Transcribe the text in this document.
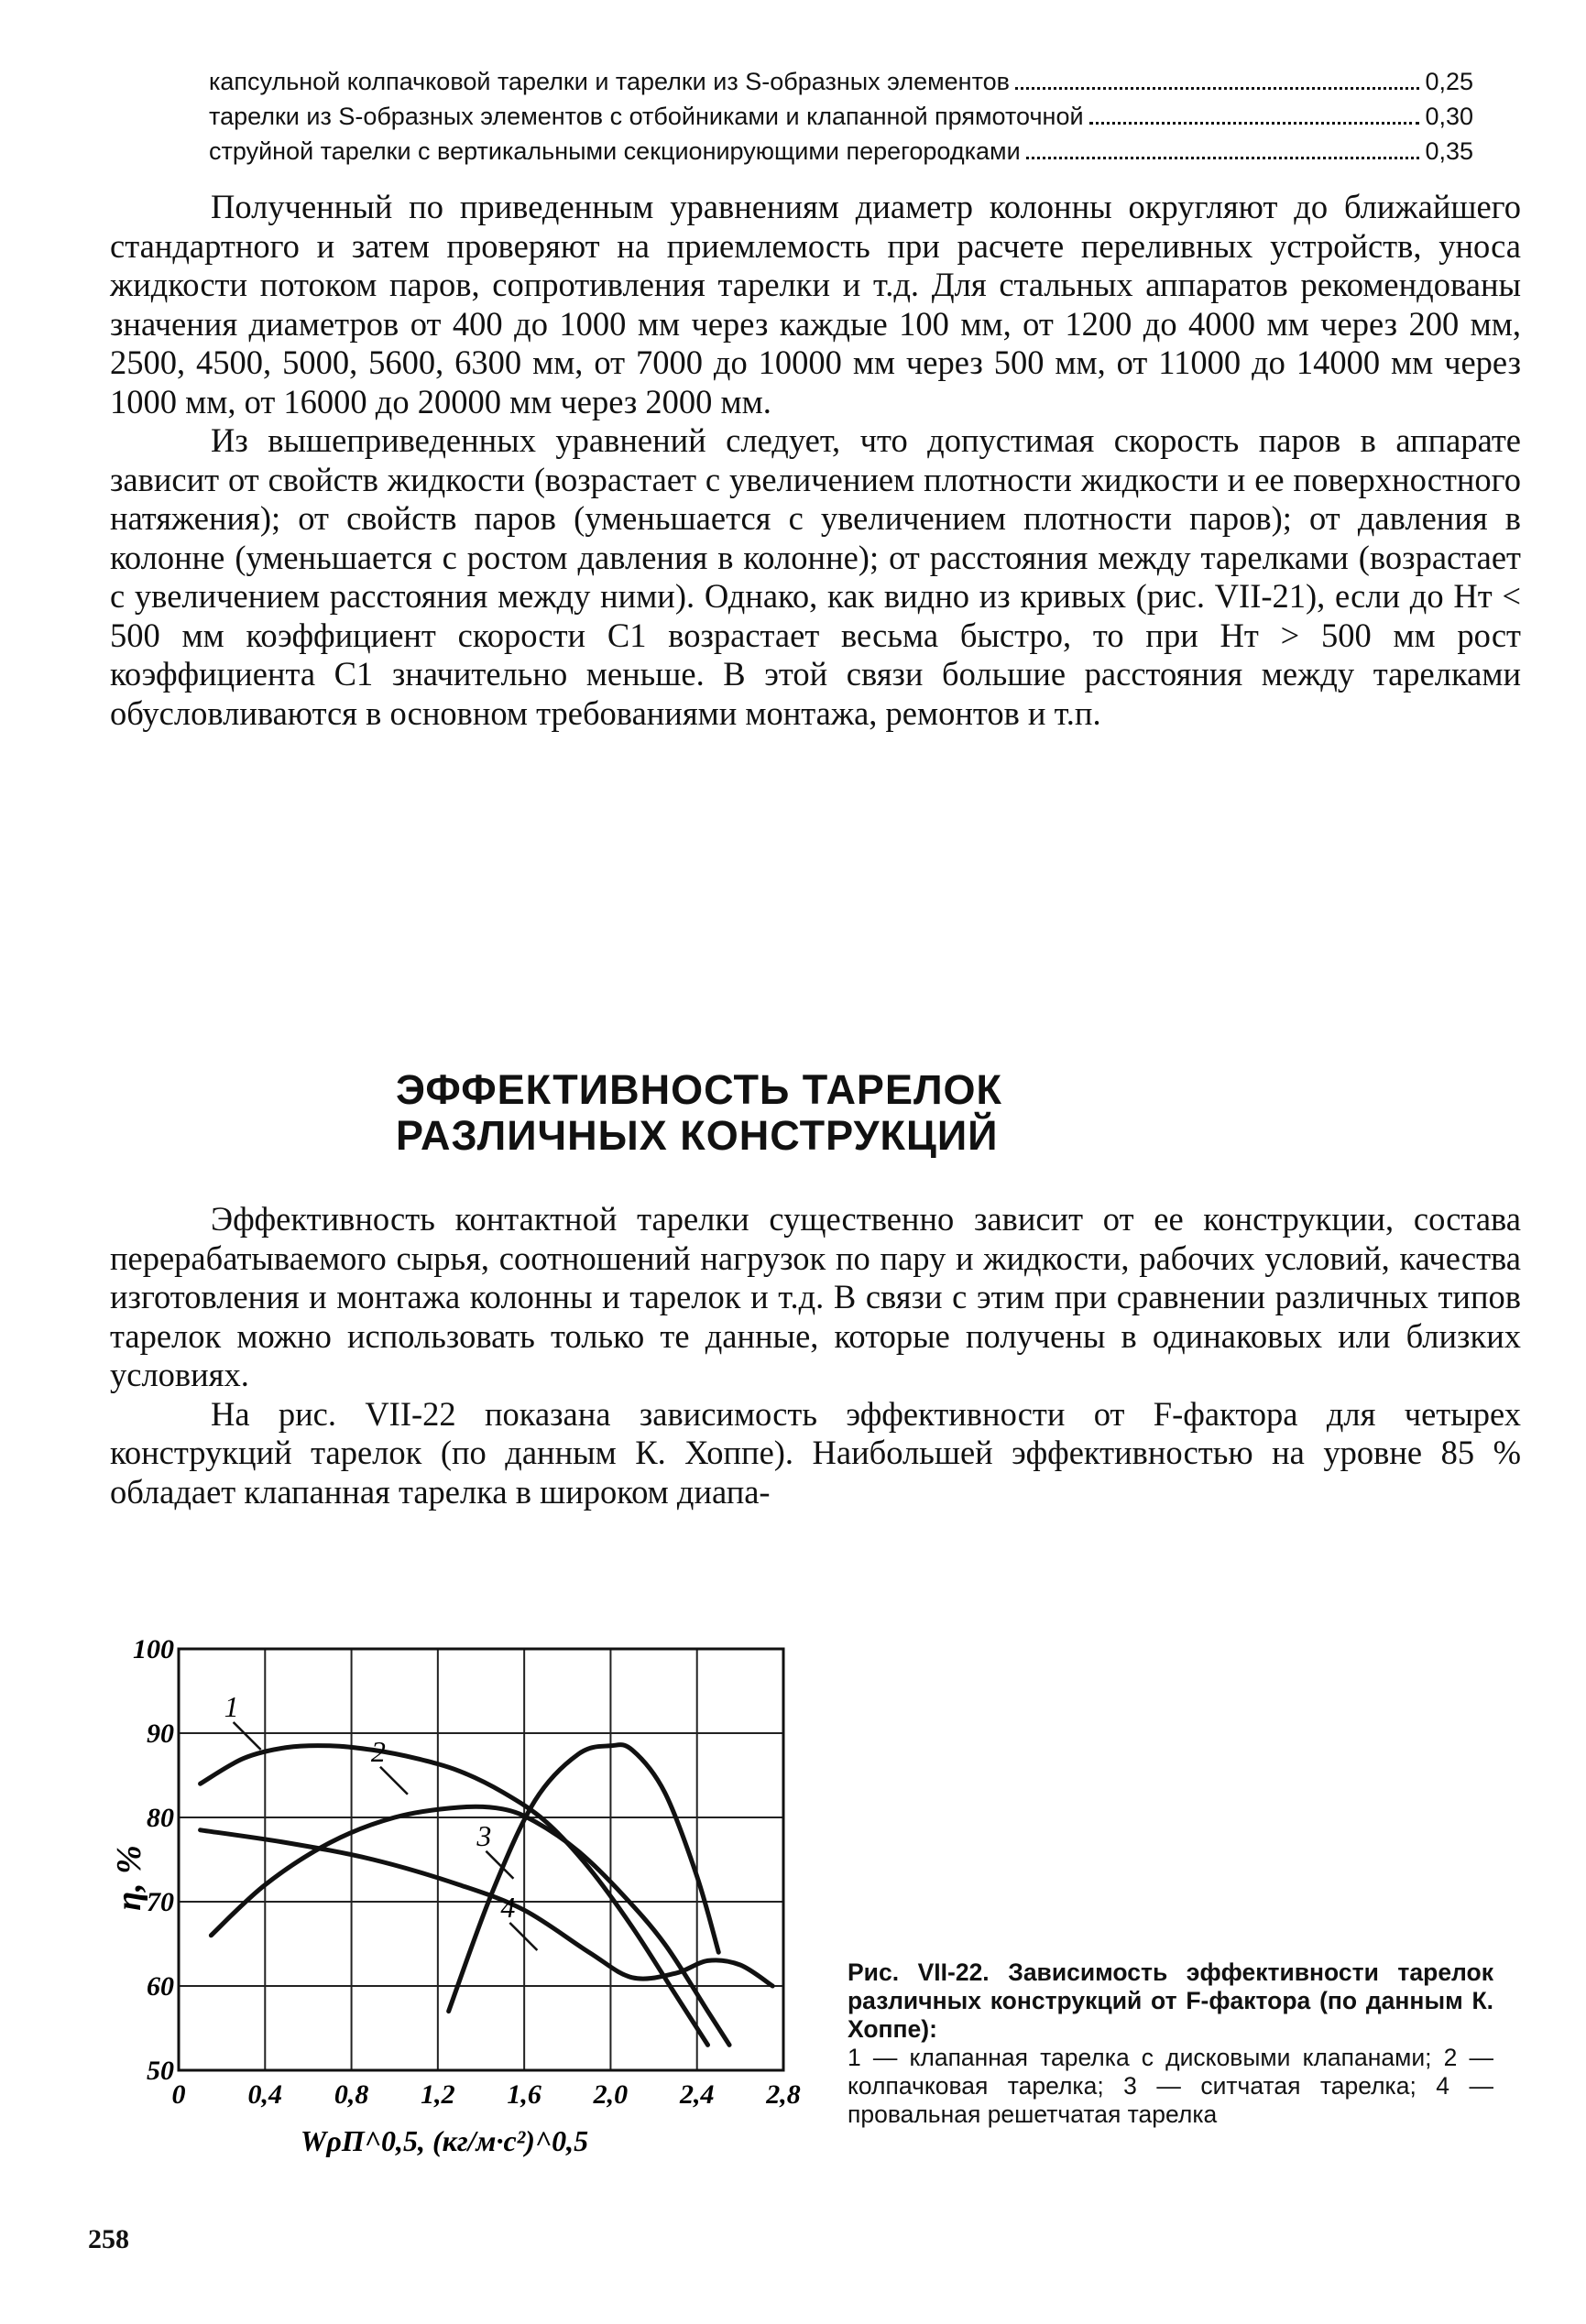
капсульной колпачковой тарелки и тарелки из S-образных элементов	0,25
тарелки из S-образных элементов с отбойниками и клапанной прямоточной	0,30
струйной тарелки с вертикальными секционирующими перегородками	0,35

Полученный по приведенным уравнениям диаметр колонны округляют до ближайшего стандартного и затем проверяют на приемлемость при расчете переливных устройств, уноса жидкости потоком паров, сопротивления тарелки и т.д. Для стальных аппаратов рекомендованы значения диаметров от 400 до 1000 мм через каждые 100 мм, от 1200 до 4000 мм через 200 мм, 2500, 4500, 5000, 5600, 6300 мм, от 7000 до 10000 мм через 500 мм, от 11000 до 14000 мм через 1000 мм, от 16000 до 20000 мм через 2000 мм.

Из вышеприведенных уравнений следует, что допустимая скорость паров в аппарате зависит от свойств жидкости (возрастает с увеличением плотности жидкости и ее поверхностного натяжения); от свойств паров (уменьшается с увеличением плотности паров); от давления в колонне (уменьшается с ростом давления в колонне); от расстояния между тарелками (возрастает с увеличением расстояния между ними). Однако, как видно из кривых (рис. VII-21), если до Hт < 500 мм коэффициент скорости C1 возрастает весьма быстро, то при Hт > 500 мм рост коэффициента C1 значительно меньше. В этой связи большие расстояния между тарелками обусловливаются в основном требованиями монтажа, ремонтов и т.п.

ЭФФЕКТИВНОСТЬ ТАРЕЛОК
РАЗЛИЧНЫХ КОНСТРУКЦИЙ

Эффективность контактной тарелки существенно зависит от ее конструкции, состава перерабатываемого сырья, соотношений нагрузок по пару и жидкости, рабочих условий, качества изготовления и монтажа колонны и тарелок и т.д. В связи с этим при сравнении различных типов тарелок можно использовать только те данные, которые получены в одинаковых или близких условиях.

На рис. VII-22 показана зависимость эффективности от F-фактора для четырех конструкций тарелок (по данным К. Хоппе). Наибольшей эффективностью на уровне 85 % обладает клапанная тарелка в широком диапа-

0 0,4 0,8 1,2 1,6 2,0 2,4 2,8
50
60
70
80
90
100
η, %
WρΠ^0,5, (кг/м·с²)^0,5
1
2
3
4
Рис. VII-22. Зависимость эффективности тарелок различных конструкций от F-фактора (по данным К. Хоппе):
1 — клапанная тарелка с дисковыми клапанами; 2 — колпачковая тарелка; 3 — ситчатая тарелка; 4 — провальная решетчатая тарелка
258
